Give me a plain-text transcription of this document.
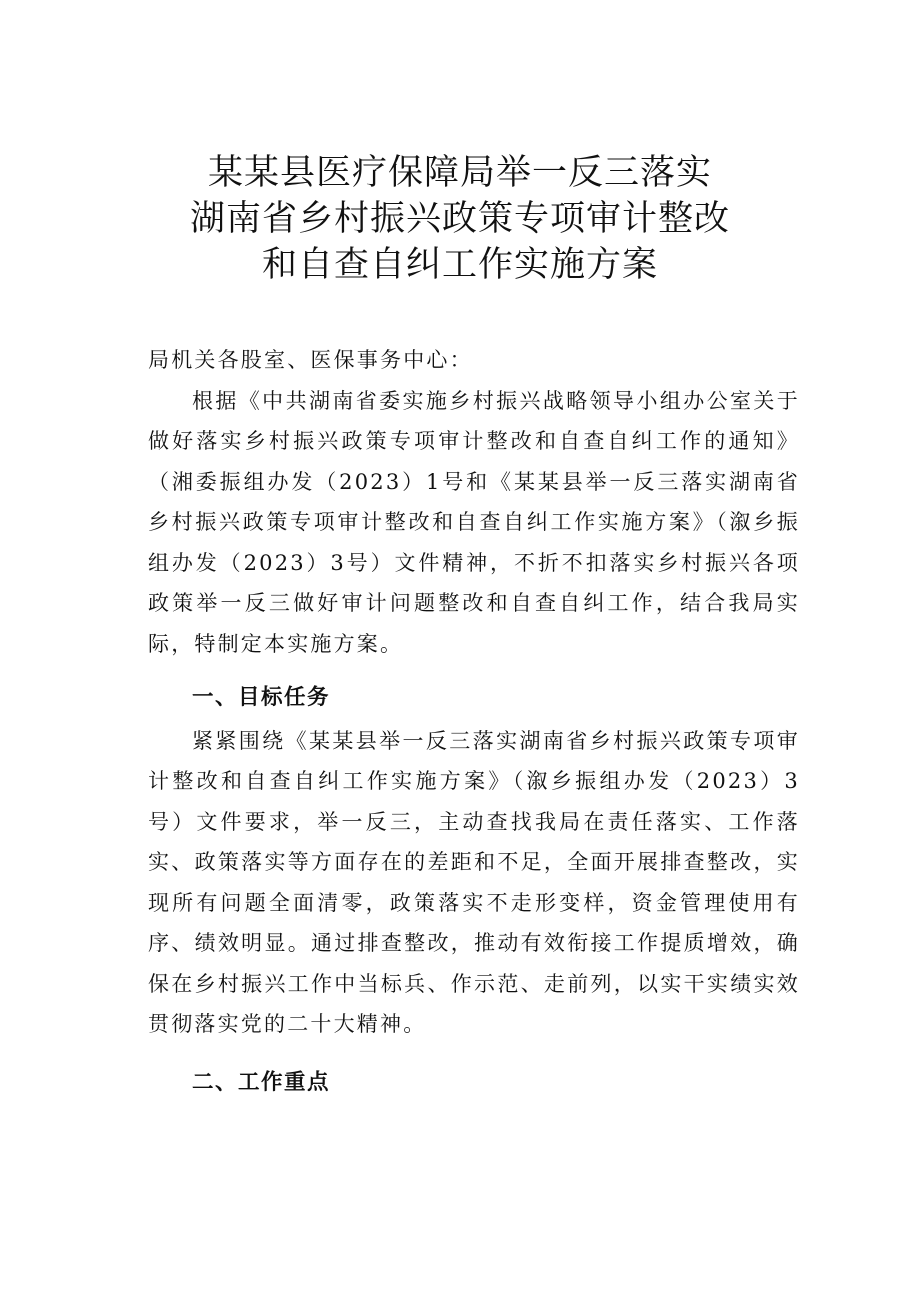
某某县医疗保障局举一反三落实
湖南省乡村振兴政策专项审计整改
和自查自纠工作实施方案

局机关各股室、医保事务中心：

根据《中共湖南省委实施乡村振兴战略领导小组办公室关于做好落实乡村振兴政策专项审计整改和自查自纠工作的通知》（湘委振组办发（2023）1号和《某某县举一反三落实湖南省乡村振兴政策专项审计整改和自查自纠工作实施方案》（溆乡振组办发（2023）3号）文件精神，不折不扣落实乡村振兴各项政策举一反三做好审计问题整改和自查自纠工作，结合我局实际，特制定本实施方案。

一、目标任务

紧紧围绕《某某县举一反三落实湖南省乡村振兴政策专项审计整改和自查自纠工作实施方案》（溆乡振组办发（2023）3号）文件要求，举一反三，主动查找我局在责任落实、工作落实、政策落实等方面存在的差距和不足，全面开展排查整改，实现所有问题全面清零，政策落实不走形变样，资金管理使用有序、绩效明显。通过排查整改，推动有效衔接工作提质增效，确保在乡村振兴工作中当标兵、作示范、走前列，以实干实绩实效贯彻落实党的二十大精神。

二、工作重点
